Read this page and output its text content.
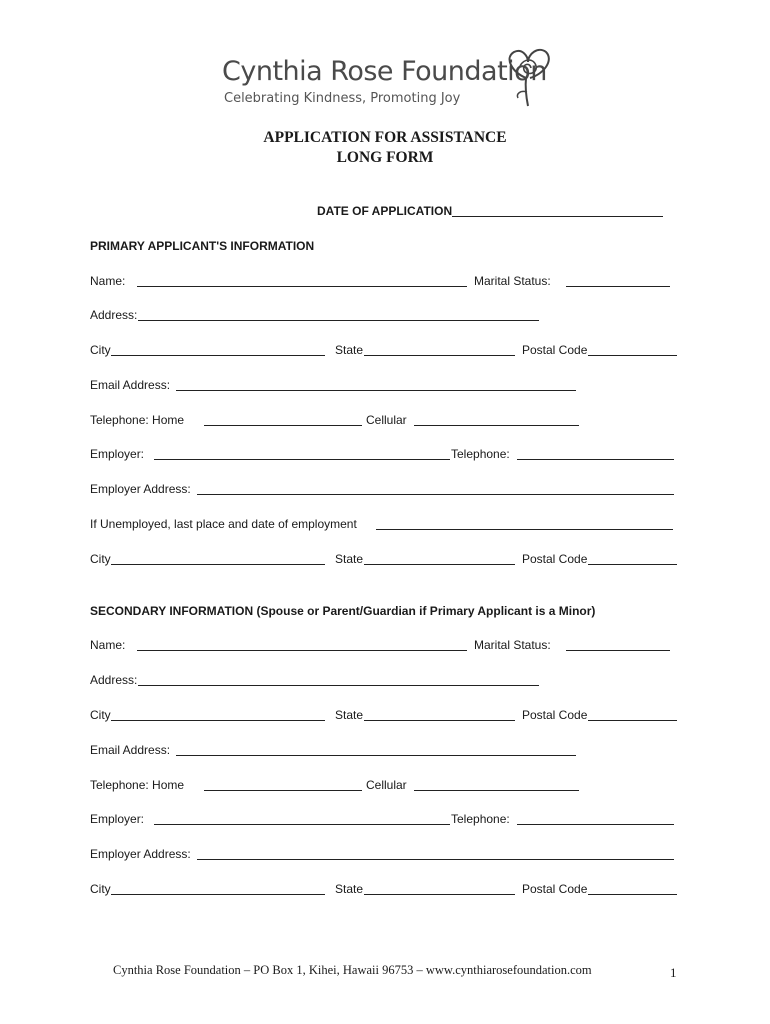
Cynthia Rose Foundation
Celebrating Kindness, Promoting Joy
APPLICATION FOR ASSISTANCE
LONG FORM
DATE OF APPLICATION
PRIMARY APPLICANT'S INFORMATION
Name:	Marital Status:
Address:
City	State	Postal Code
Email Address:
Telephone: Home	Cellular
Employer:	Telephone:
Employer Address:
If Unemployed, last place and date of employment
City	State	Postal Code
SECONDARY INFORMATION (Spouse or Parent/Guardian if Primary Applicant is a Minor)
Name:	Marital Status:
Address:
City	State	Postal Code
Email Address:
Telephone: Home	Cellular
Employer:	Telephone:
Employer Address:
City	State	Postal Code
Cynthia Rose Foundation – PO Box 1, Kihei, Hawaii 96753 – www.cynthiarosefoundation.com	1
